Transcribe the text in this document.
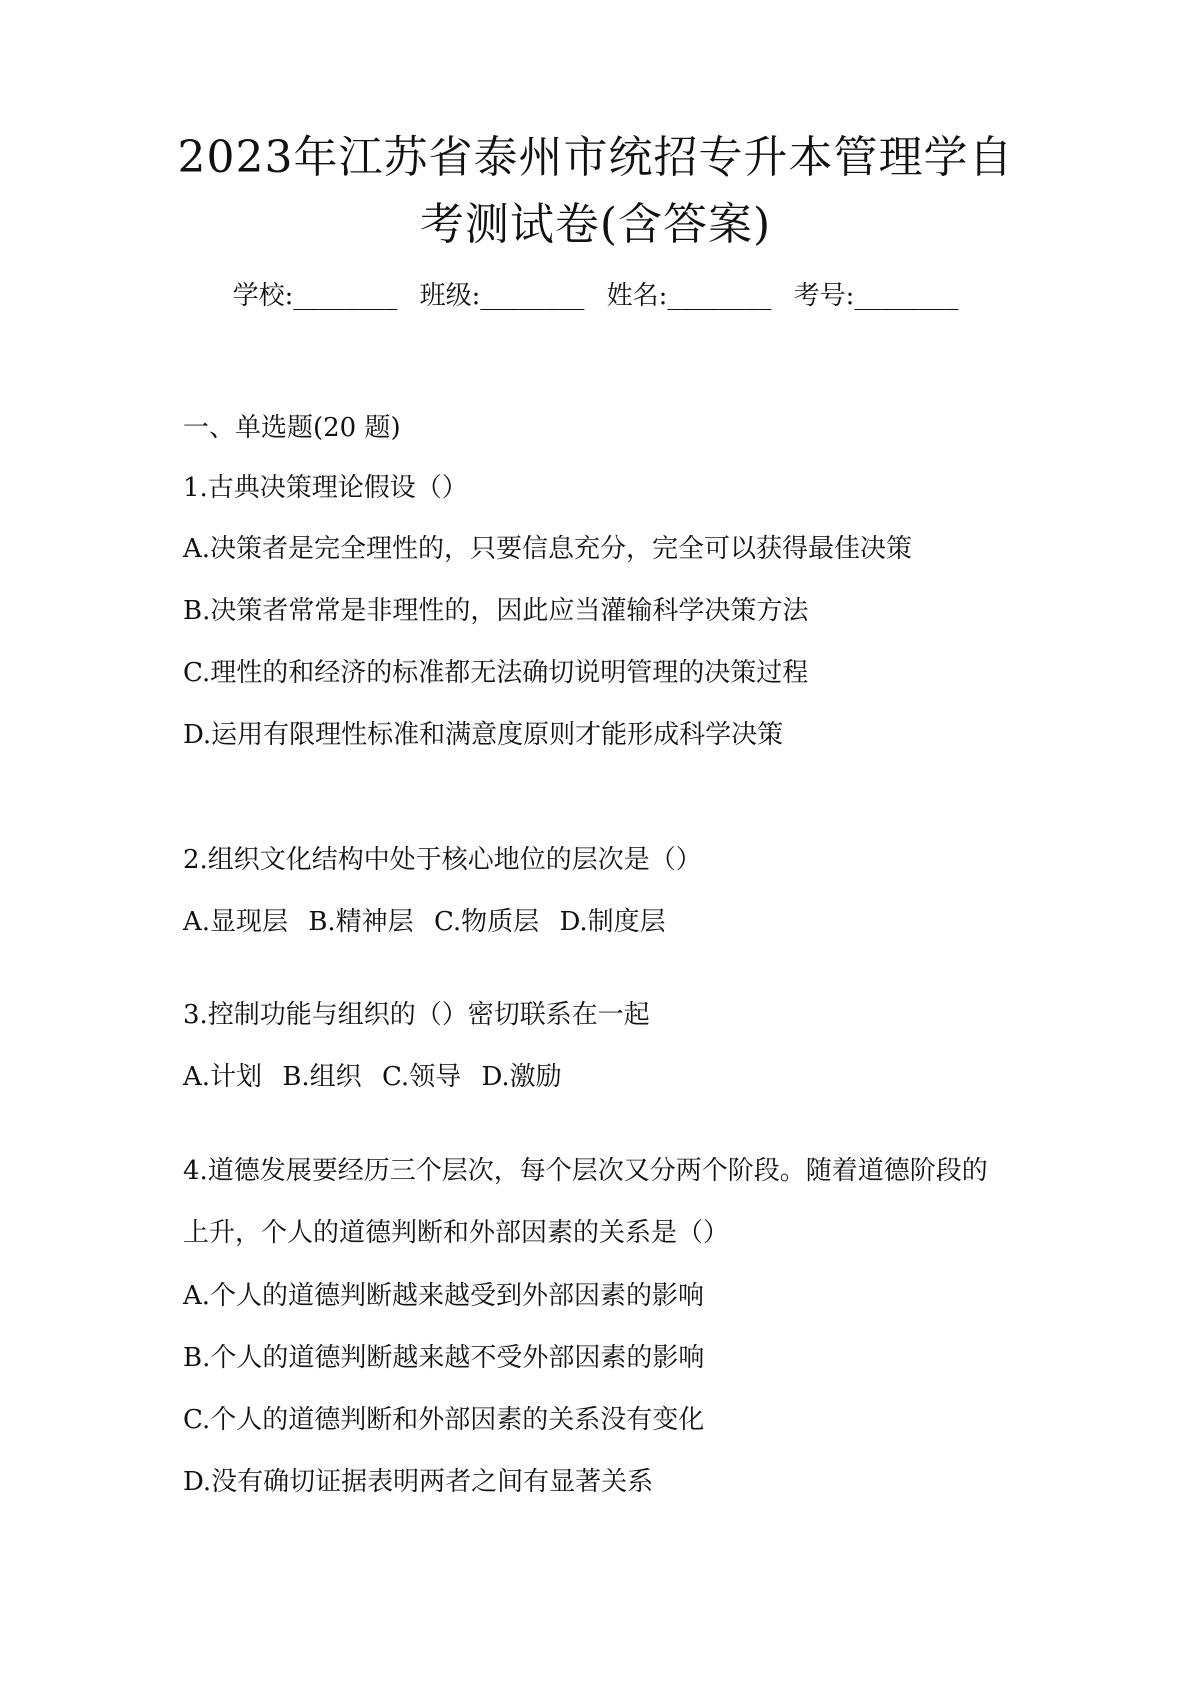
2023年江苏省泰州市统招专升本管理学自
考测试卷(含答案)
学校:________ 班级:________ 姓名:________ 考号:________
一、单选题(20 题)
1.古典决策理论假设（）
A.决策者是完全理性的，只要信息充分，完全可以获得最佳决策
B.决策者常常是非理性的，因此应当灌输科学决策方法
C.理性的和经济的标准都无法确切说明管理的决策过程
D.运用有限理性标准和满意度原则才能形成科学决策
2.组织文化结构中处于核心地位的层次是（）
A.显现层 B.精神层 C.物质层 D.制度层
3.控制功能与组织的（）密切联系在一起
A.计划 B.组织 C.领导 D.激励
4.道德发展要经历三个层次，每个层次又分两个阶段。随着道德阶段的
上升，个人的道德判断和外部因素的关系是（）
A.个人的道德判断越来越受到外部因素的影响
B.个人的道德判断越来越不受外部因素的影响
C.个人的道德判断和外部因素的关系没有变化
D.没有确切证据表明两者之间有显著关系
